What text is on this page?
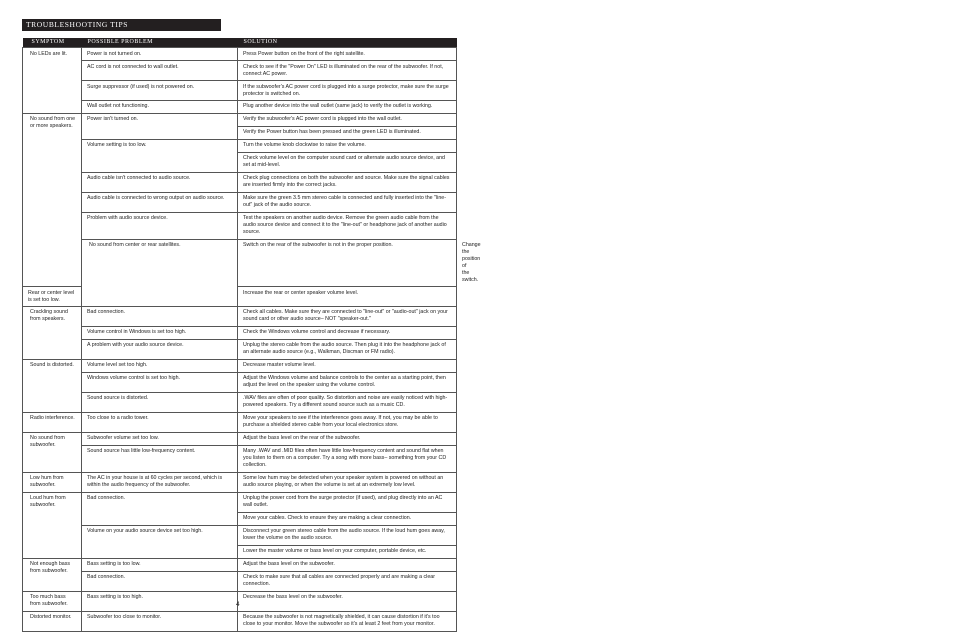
TROUBLESHOOTING TIPS
SYMPTOM	POSSIBLE PROBLEM	SOLUTION	
No LEDs are lit.	Power is not turned on.	Press Power button on the front of the right satellite.	
	AC cord is not connected to wall outlet.	Check to see if the "Power On" LED is illuminated on the rear of the subwoofer. If not, connect AC power.	
	Surge suppressor (if used) is not powered on.	If the subwoofer's AC power cord is plugged into a surge protector, make sure the surge protector is switched on.	
	Wall outlet not functioning.	Plug another device into the wall outlet (same jack) to verify the outlet is working.	
No sound from one or more speakers.	Power isn't turned on.	Verify the subwoofer's AC power cord is plugged into the wall outlet.	
		Verify the Power button has been pressed and the green LED is illuminated.	
	Volume setting is too low.	Turn the volume knob clockwise to raise the volume.	
		Check volume level on the computer sound card or alternate audio source device, and set at mid-level.	
	Audio cable isn't connected to audio source.	Check plug connections on both the subwoofer and source. Make sure the signal cables are inserted firmly into the correct jacks.	
	Audio cable is connected to wrong output on audio source.	Make sure the green 3.5 mm stereo cable is connected and fully inserted into the "line-out" jack of the audio source.	
	Problem with audio source device.	Test the speakers on another audio device. Remove the green audio cable from the audio source device and connect it to the "line-out" or headphone jack of another audio source.	
	No sound from center or rear satellites.	Switch on the rear of the subwoofer is not in the proper position.	Change the position of the switch.
Rear or center level is set too low.		Increase the rear or center speaker volume level.	
Crackling sound from speakers.	Bad connection.	Check all cables. Make sure they are connected to "line-out" or "audio-out" jack on your sound card or other audio source– NOT "speaker-out."	
	Volume control in Windows is set too high.	Check the Windows volume control and decrease if necessary.	
	A problem with your audio source device.	Unplug the stereo cable from the audio source. Then plug it into the headphone jack of an alternate audio source (e.g., Walkman, Discman or FM radio).	
Sound is distorted.	Volume level set too high.	Decrease master volume level.	
	Windows volume control is set too high.	Adjust the Windows volume and balance controls to the center as a starting point, then adjust the level on the speaker using the volume control.	
	Sound source is distorted.	.WAV files are often of poor quality. So distortion and noise are easily noticed with high-powered speakers. Try a different sound source such as a music CD.	
Radio interference.	Too close to a radio tower.	Move your speakers to see if the interference goes away. If not, you may be able to purchase a shielded stereo cable from your local electronics store.	
No sound from subwoofer.	Subwoofer volume set too low.	Adjust the bass level on the rear of the subwoofer.	
	Sound source has little low-frequency content.	Many .WAV and .MID files often have little low-frequency content and sound flat when you listen to them on a computer. Try a song with more bass– something from your CD collection.	
Low hum from subwoofer.	The AC in your house is at 60 cycles per second, which is within the audio frequency of the subwoofer.	Some low hum may be detected when your speaker system is powered on without an audio source playing, or when the volume is set at an extremely low level.	
Loud hum from subwoofer.	Bad connection.	Unplug the power cord from the surge protector (if used), and plug directly into an AC wall outlet.	
		Move your cables. Check to ensure they are making a clear connection.	
	Volume on your audio source device set too high.	Disconnect your green stereo cable from the audio source. If the loud hum goes away, lower the volume on the audio source.	
		Lower the master volume or bass level on your computer, portable device, etc.	
Not enough bass from subwoofer.	Bass setting is too low.	Adjust the bass level on the subwoofer.	
	Bad connection.	Check to make sure that all cables are connected properly and are making a clear connection.	
Too much bass from subwoofer.	Bass setting is too high.	Decrease the bass level on the subwoofer.	
Distorted monitor.	Subwoofer too close to monitor.	Because the subwoofer is not magnetically shielded, it can cause distortion if it's too close to your monitor. Move the subwoofer so it's at least 2 feet from your monitor.	
4
